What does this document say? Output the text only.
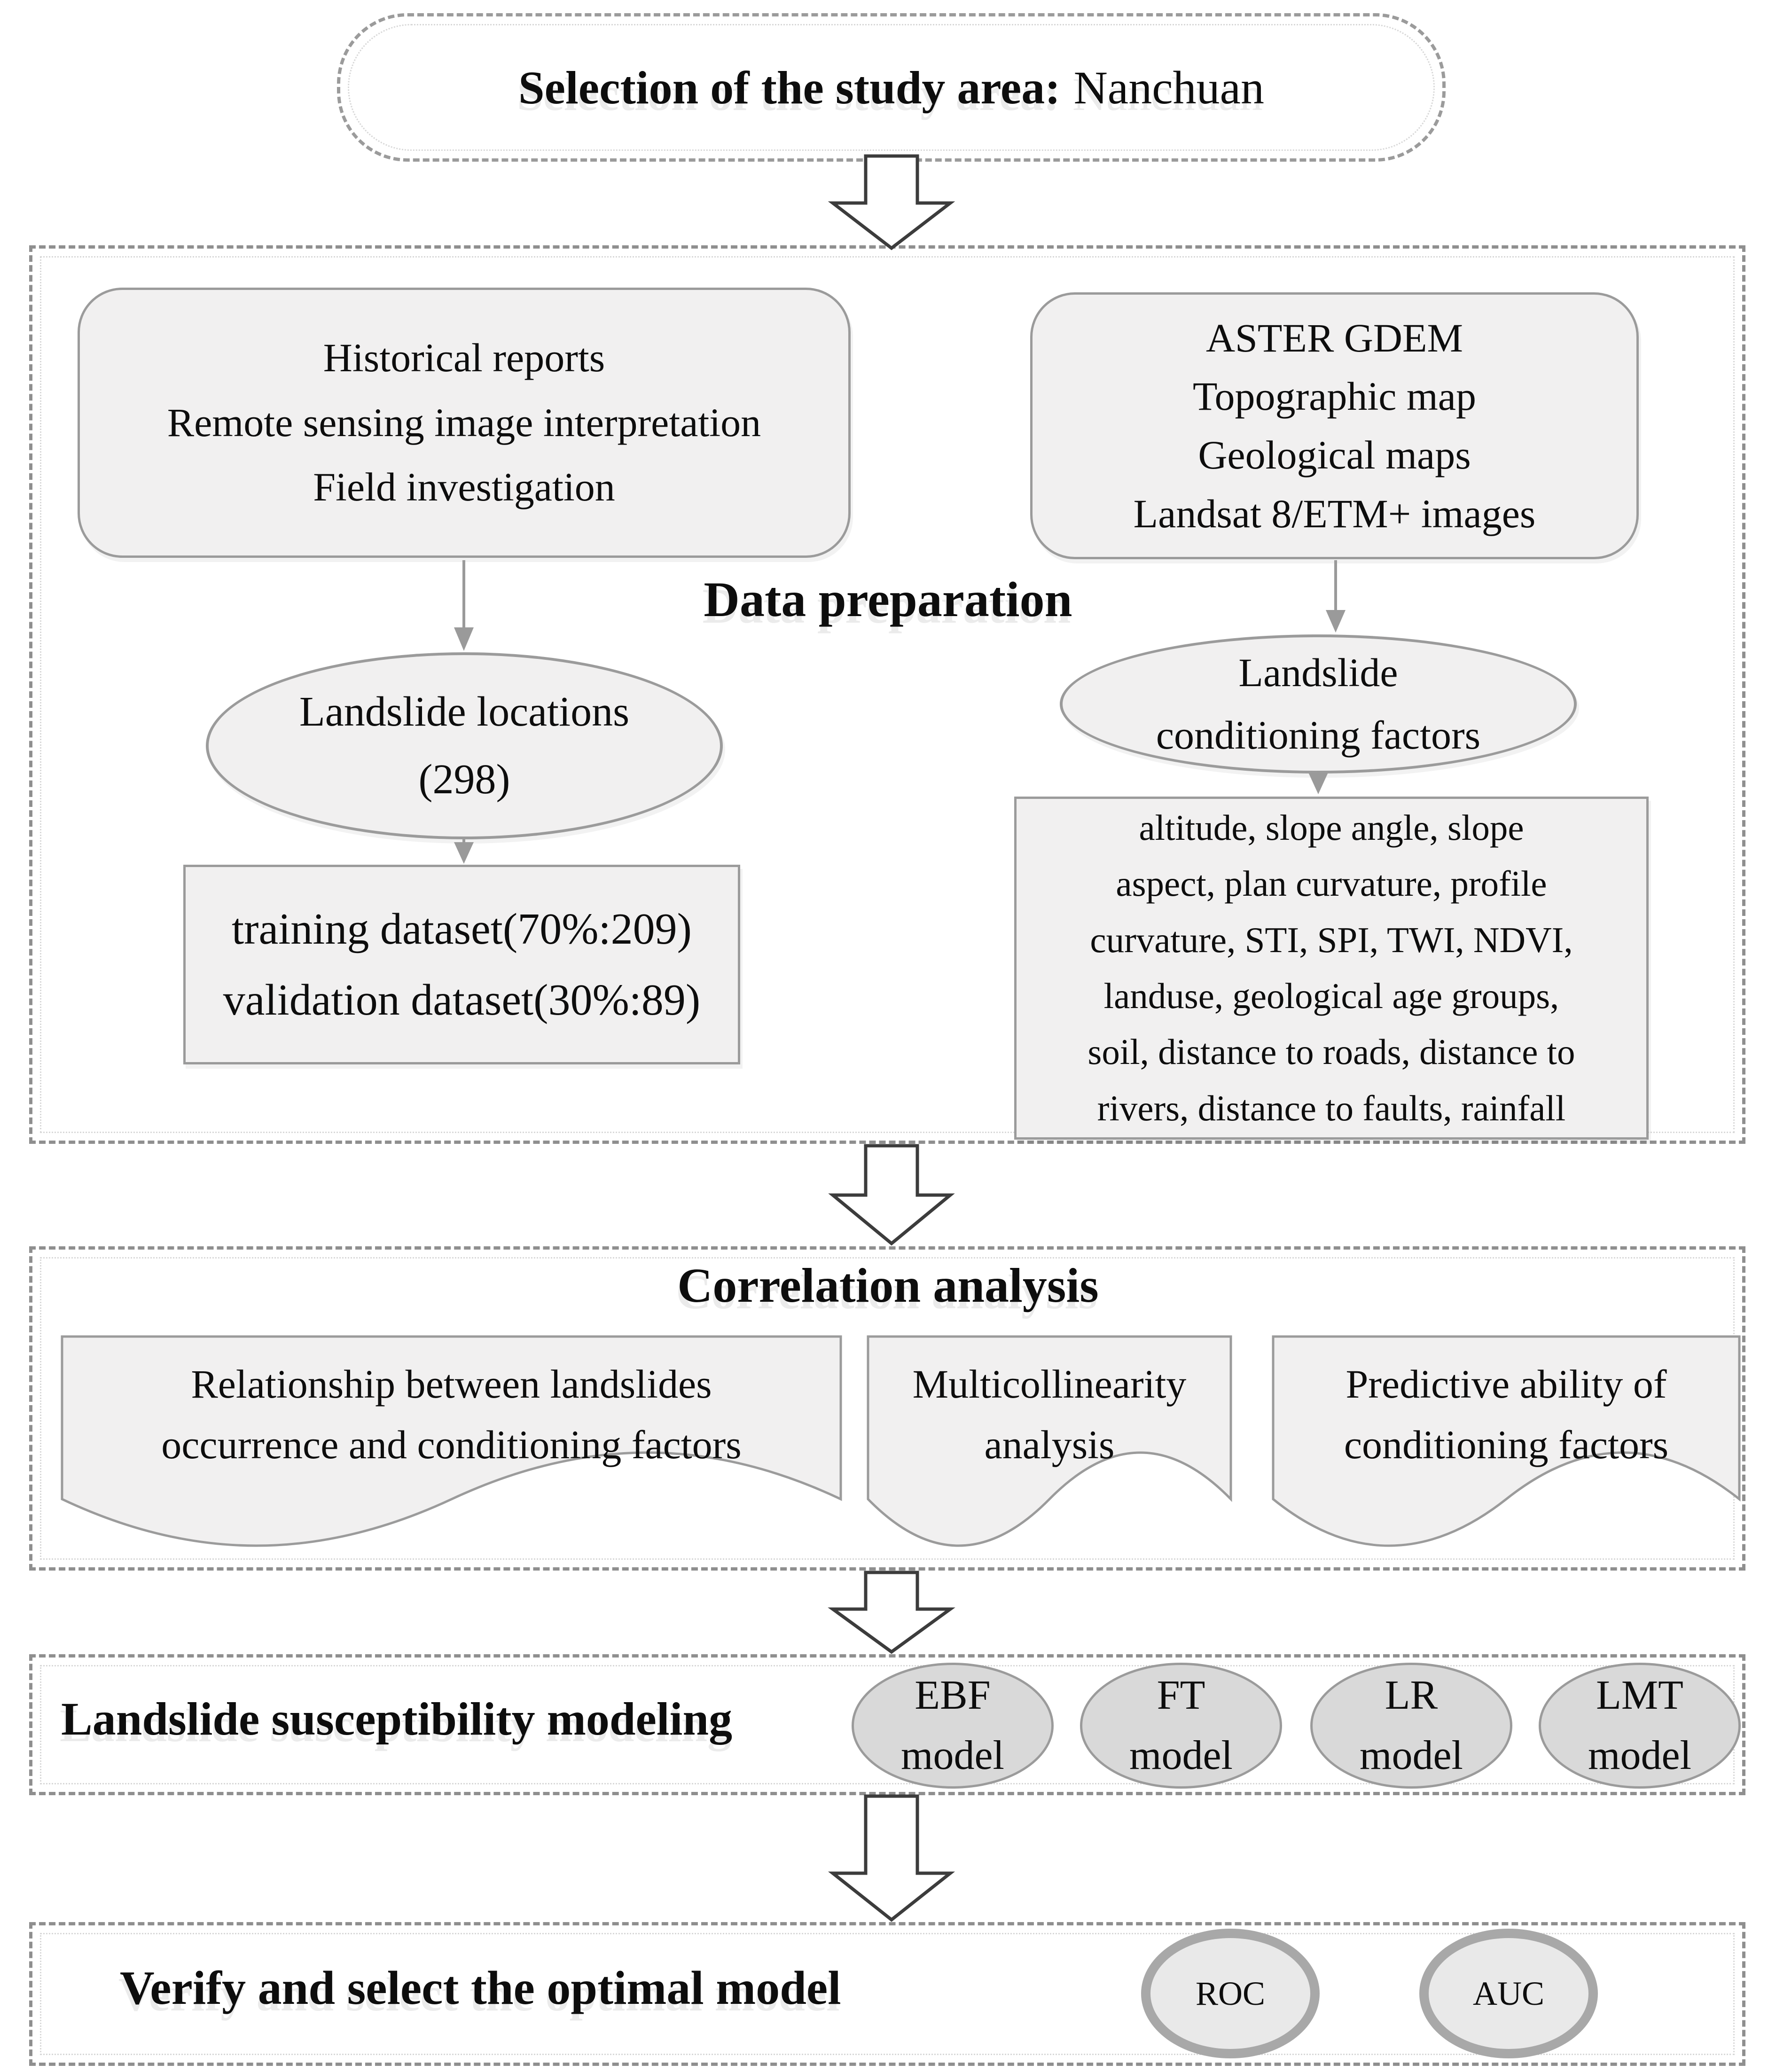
Selection of the study area: Nanchuan
Data preparation
Historical reports
Remote sensing image interpretation
Field investigation
ASTER GDEM
Topographic map
Geological maps
Landsat 8/ETM+ images
Landslide locations
(298)
Landslide
conditioning factors
training dataset(70%:209)
validation dataset(30%:89)
altitude, slope angle, slope
aspect, plan curvature, profile
curvature, STI, SPI, TWI, NDVI,
landuse, geological age groups,
soil, distance to roads, distance to
rivers, distance to faults, rainfall
Correlation analysis
Relationship between landslides
occurrence and conditioning factors
Multicollinearity
analysis
Predictive ability of
conditioning factors
Landslide susceptibility modeling	EBF
model
FT
model
LR
model
LMT
model
Verify and select the optimal model	ROC	AUC
